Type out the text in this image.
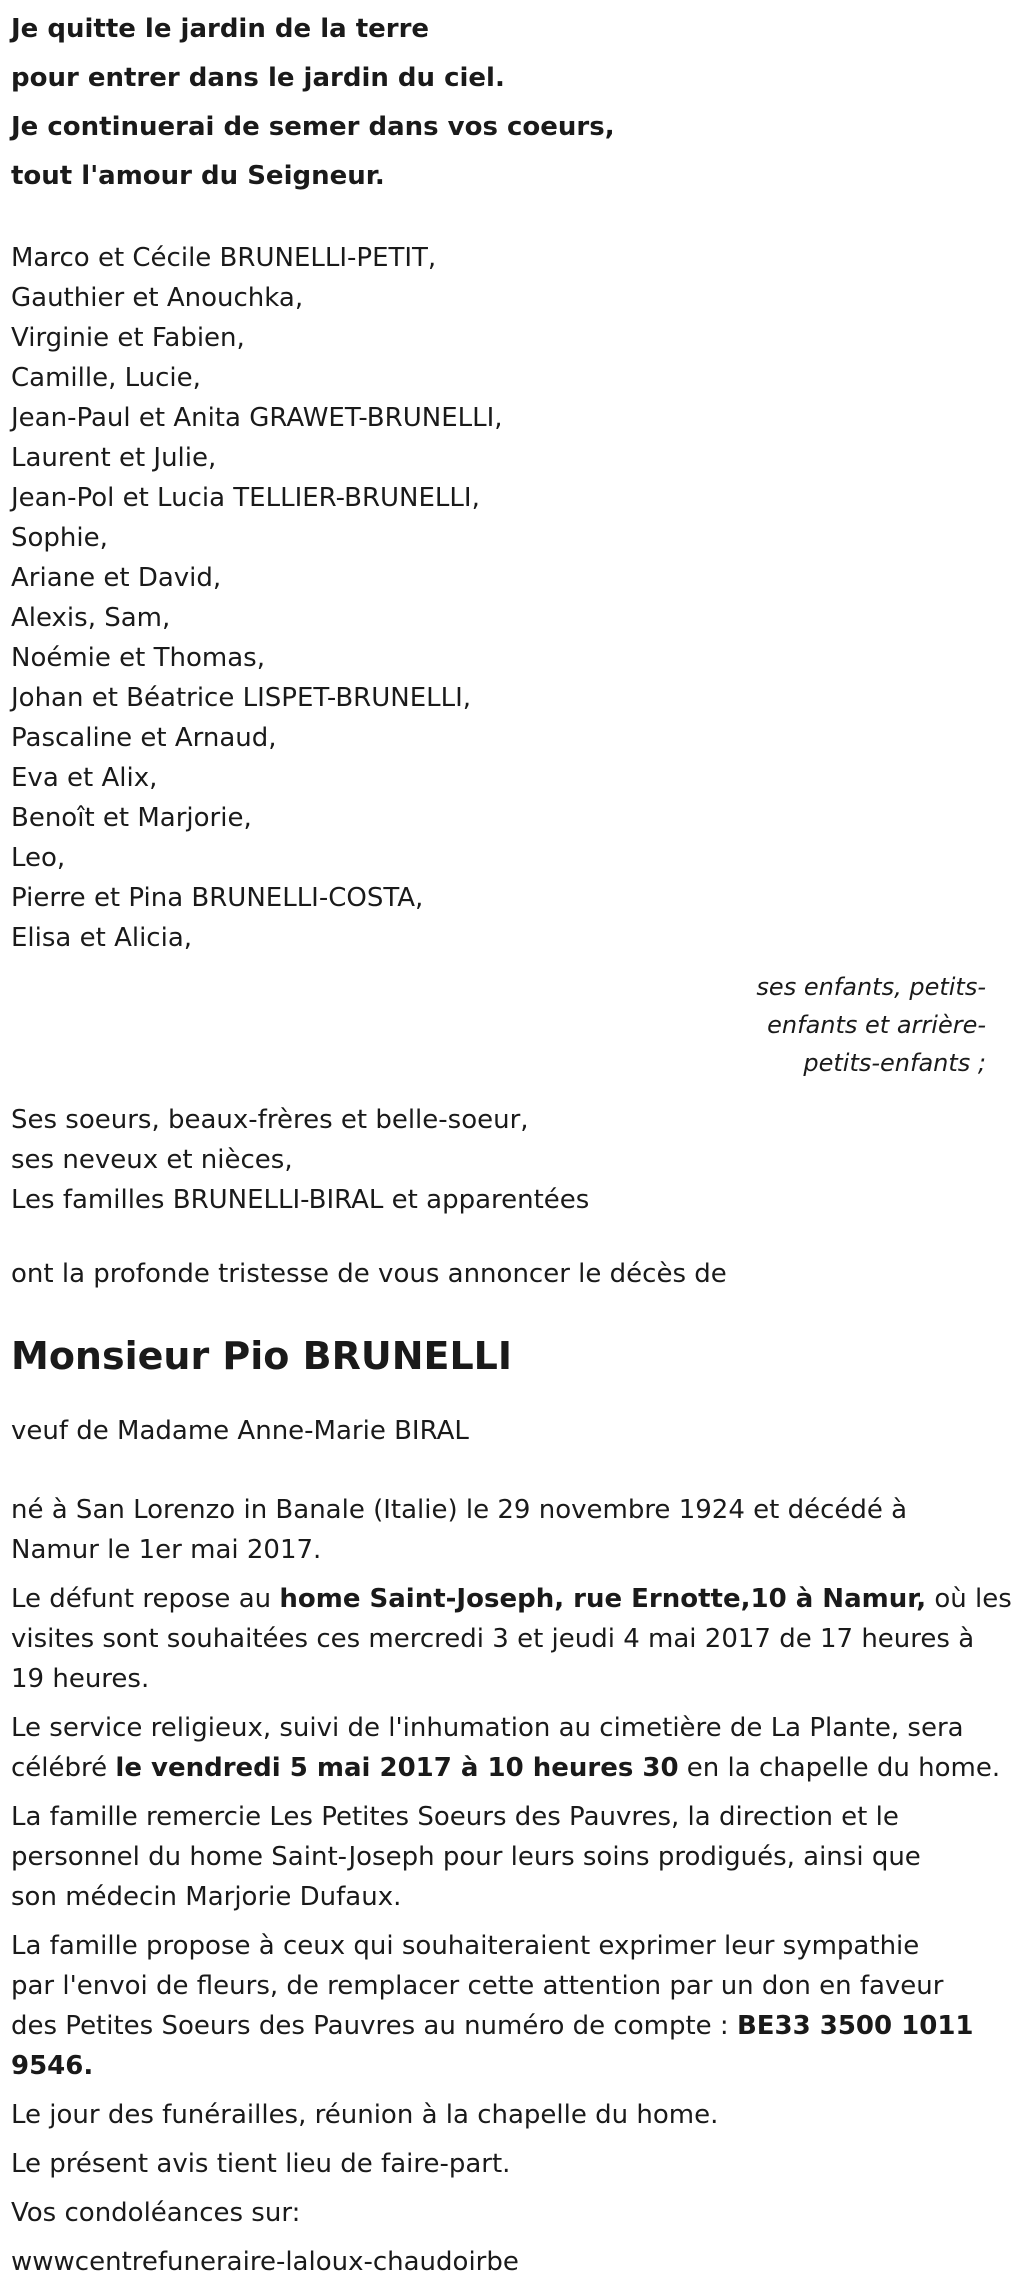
Je quitte le jardin de la terre
pour entrer dans le jardin du ciel.
Je continuerai de semer dans vos coeurs,
tout l'amour du Seigneur.
Marco et Cécile BRUNELLI-PETIT,
Gauthier et Anouchka,
Virginie et Fabien,
Camille, Lucie,
Jean-Paul et Anita GRAWET-BRUNELLI,
Laurent et Julie,
Jean-Pol et Lucia TELLIER-BRUNELLI,
Sophie,
Ariane et David,
Alexis, Sam,
Noémie et Thomas,
Johan et Béatrice LISPET-BRUNELLI,
Pascaline et Arnaud,
Eva et Alix,
Benoît et Marjorie,
Leo,
Pierre et Pina BRUNELLI-COSTA,
Elisa et Alicia,
ses enfants, petits-
enfants et arrière-
petits-enfants ;
Ses soeurs, beaux-frères et belle-soeur,
ses neveux et nièces,
Les familles BRUNELLI-BIRAL et apparentées
ont la profonde tristesse de vous annoncer le décès de
Monsieur Pio BRUNELLI
veuf de Madame Anne-Marie BIRAL

né à San Lorenzo in Banale (Italie) le 29 novembre 1924 et décédé à
Namur le 1er mai 2017.

Le défunt repose au home Saint-Joseph, rue Ernotte,10 à Namur, où les
visites sont souhaitées ces mercredi 3 et jeudi 4 mai 2017 de 17 heures à
19 heures.

Le service religieux, suivi de l'inhumation au cimetière de La Plante, sera
célébré le vendredi 5 mai 2017 à 10 heures 30 en la chapelle du home.

La famille remercie Les Petites Soeurs des Pauvres, la direction et le
personnel du home Saint-Joseph pour leurs soins prodigués, ainsi que
son médecin Marjorie Dufaux.

La famille propose à ceux qui souhaiteraient exprimer leur sympathie
par l'envoi de fleurs, de remplacer cette attention par un don en faveur
des Petites Soeurs des Pauvres au numéro de compte : BE33 3500 1011
9546.

Le jour des funérailles, réunion à la chapelle du home.

Le présent avis tient lieu de faire-part.

Vos condoléances sur:

wwwcentrefuneraire-laloux-chaudoirbe
